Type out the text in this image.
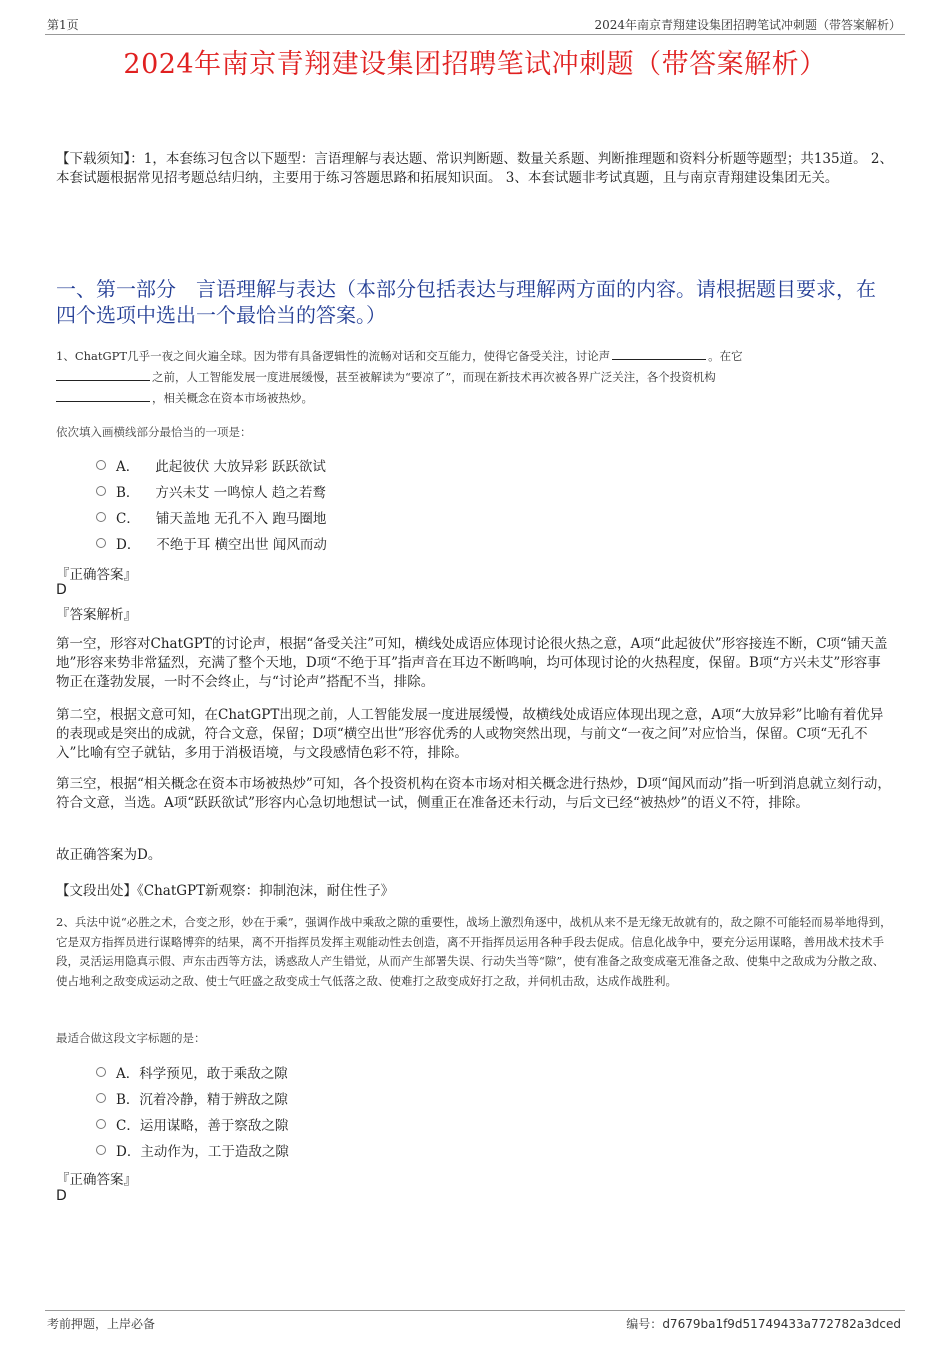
第1页	2024年南京青翔建设集团招聘笔试冲刺题（带答案解析）
2024年南京青翔建设集团招聘笔试冲刺题（带答案解析）
【下载须知】：1，本套练习包含以下题型：言语理解与表达题、常识判断题、数量关系题、判断推理题和资料分析题等题型；共135道。 2、本套试题根据常见招考题总结归纳，主要用于练习答题思路和拓展知识面。 3、本套试题非考试真题，且与南京青翔建设集团无关。
一、第一部分　言语理解与表达（本部分包括表达与理解两方面的内容。请根据题目要求，在四个选项中选出一个最恰当的答案。）
1、ChatGPT几乎一夜之间火遍全球。因为带有具备逻辑性的流畅对话和交互能力，使得它备受关注，讨论声	。在它
之前，人工智能发展一度进展缓慢，甚至被解读为“要凉了”，而现在新技术再次被各界广泛关注，各个投资机构
，相关概念在资本市场被热炒。
依次填入画横线部分最恰当的一项是：
A． 此起彼伏 大放异彩 跃跃欲试
B． 方兴未艾 一鸣惊人 趋之若鹜
C． 铺天盖地 无孔不入 跑马圈地
D． 不绝于耳 横空出世 闻风而动
『正确答案』
D
『答案解析』
第一空，形容对ChatGPT的讨论声，根据“备受关注”可知，横线处成语应体现讨论很火热之意，A项“此起彼伏”形容接连不断，C项“铺天盖地”形容来势非常猛烈，充满了整个天地，D项“不绝于耳”指声音在耳边不断鸣响，均可体现讨论的火热程度，保留。B项“方兴未艾”形容事物正在蓬勃发展，一时不会终止，与“讨论声”搭配不当，排除。
第二空，根据文意可知，在ChatGPT出现之前，人工智能发展一度进展缓慢，故横线处成语应体现出现之意，A项“大放异彩”比喻有着优异的表现或是突出的成就，符合文意，保留；D项“横空出世”形容优秀的人或物突然出现，与前文“一夜之间”对应恰当，保留。C项“无孔不入”比喻有空子就钻，多用于消极语境，与文段感情色彩不符，排除。
第三空，根据“相关概念在资本市场被热炒”可知，各个投资机构在资本市场对相关概念进行热炒，D项“闻风而动”指一听到消息就立刻行动，符合文意，当选。A项“跃跃欲试”形容内心急切地想试一试，侧重正在准备还未行动，与后文已经“被热炒”的语义不符，排除。
故正确答案为D。
【文段出处】《ChatGPT新观察：抑制泡沫，耐住性子》
2、兵法中说“必胜之术，合变之形，妙在于乘”，强调作战中乘敌之隙的重要性，战场上激烈角逐中，战机从来不是无缘无故就有的，敌之隙不可能轻而易举地得到，它是双方指挥员进行谋略博弈的结果，离不开指挥员发挥主观能动性去创造，离不开指挥员运用各种手段去促成。信息化战争中，要充分运用谋略，善用战术技术手段，灵活运用隐真示假、声东击西等方法，诱惑敌人产生错觉，从而产生部署失误、行动失当等“隙”，使有准备之敌变成毫无准备之敌、使集中之敌成为分散之敌、使占地利之敌变成运动之敌、使士气旺盛之敌变成士气低落之敌、使难打之敌变成好打之敌，并伺机击敌，达成作战胜利。
最适合做这段文字标题的是：
A． 科学预见，敢于乘敌之隙
B． 沉着冷静，精于辨敌之隙
C． 运用谋略，善于察敌之隙
D． 主动作为，工于造敌之隙
『正确答案』
D
考前押题，上岸必备	编号：d7679ba1f9d51749433a772782a3dced
